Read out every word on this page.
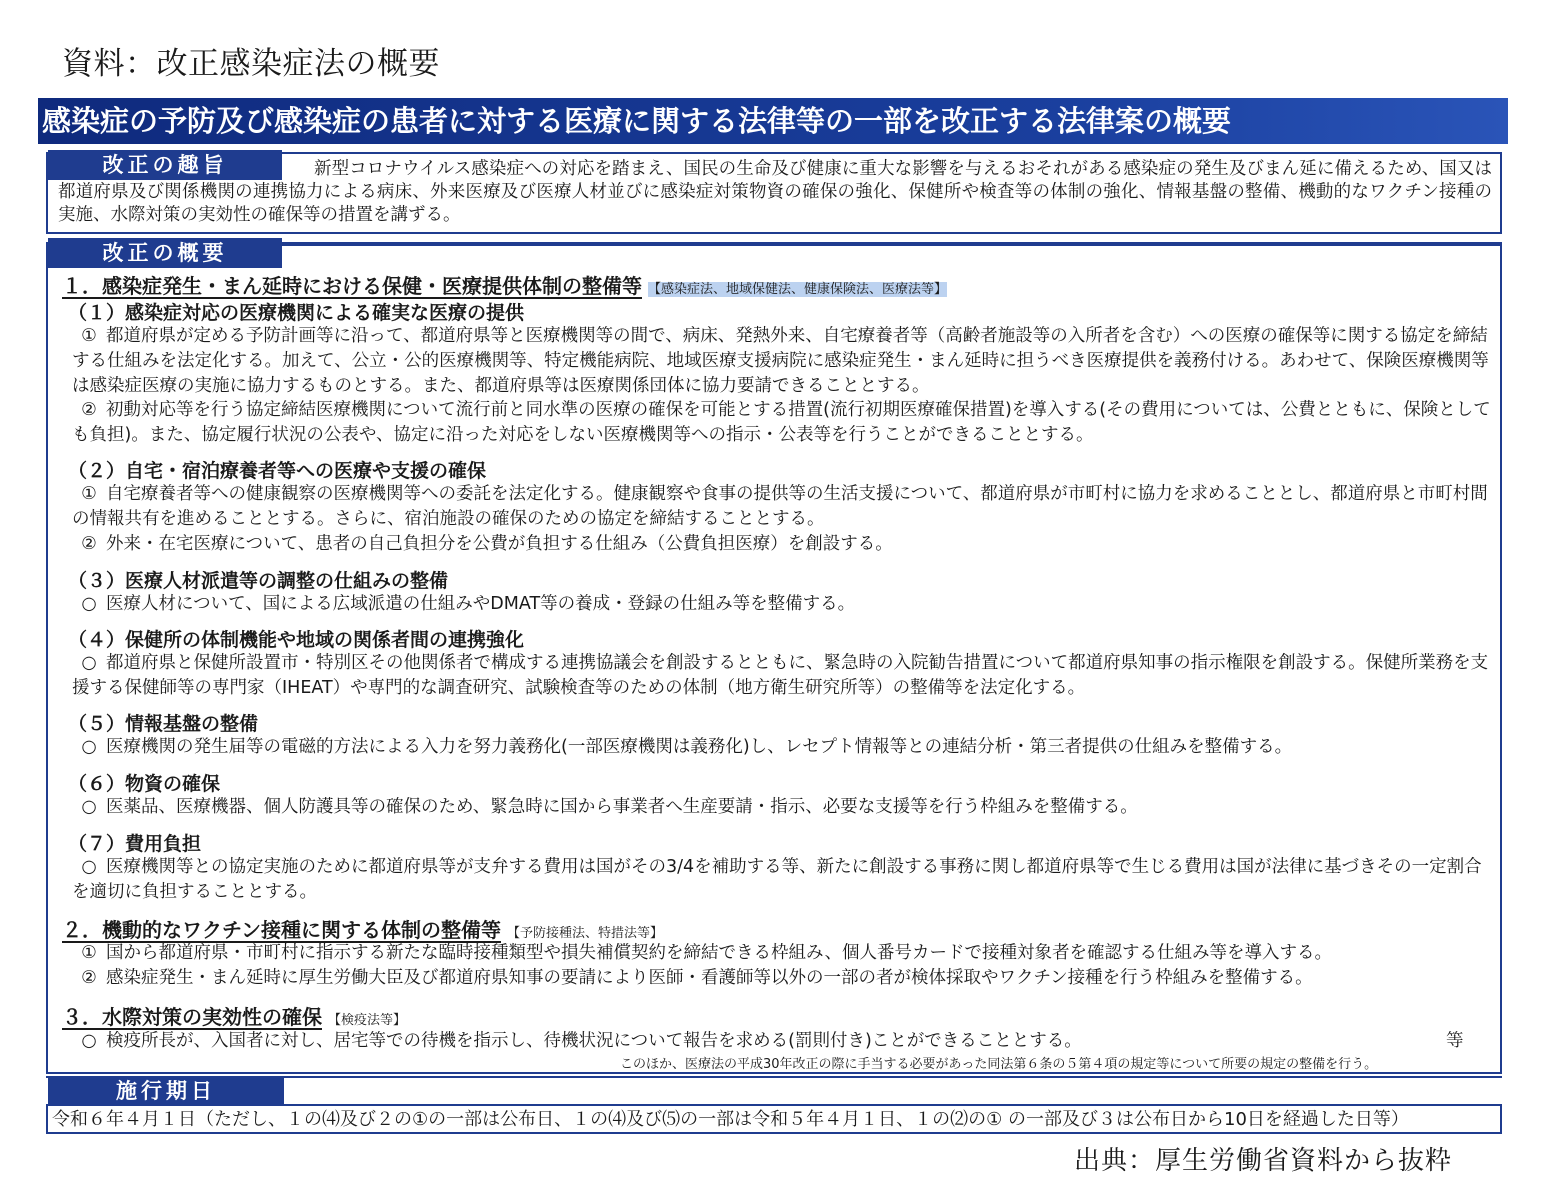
資料：改正感染症法の概要
感染症の予防及び感染症の患者に対する医療に関する法律等の一部を改正する法律案の概要
改正の趣旨	新型コロナウイルス感染症への対応を踏まえ、国民の生命及び健康に重大な影響を与えるおそれがある感染症の発生及びまん延に備えるため、国又は都道府県及び関係機関の連携協力による病床、外来医療及び医療人材並びに感染症対策物資の確保の強化、保健所や検査等の体制の強化、情報基盤の整備、機動的なワクチン接種の実施、水際対策の実効性の確保等の措置を講ずる。
改正の概要
１．感染症発生・まん延時における保健・医療提供体制の整備等 【感染症法、地域保健法、健康保険法、医療法等】
（１）感染症対応の医療機関による確実な医療の提供
① 都道府県が定める予防計画等に沿って、都道府県等と医療機関等の間で、病床、発熱外来、自宅療養者等（高齢者施設等の入所者を含む）への医療の確保等に関する協定を締結する仕組みを法定化する。加えて、公立・公的医療機関等、特定機能病院、地域医療支援病院に感染症発生・まん延時に担うべき医療提供を義務付ける。あわせて、保険医療機関等は感染症医療の実施に協力するものとする。また、都道府県等は医療関係団体に協力要請できることとする。
② 初動対応等を行う協定締結医療機関について流行前と同水準の医療の確保を可能とする措置(流行初期医療確保措置)を導入する(その費用については、公費とともに、保険としても負担)。また、協定履行状況の公表や、協定に沿った対応をしない医療機関等への指示・公表等を行うことができることとする。
（２）自宅・宿泊療養者等への医療や支援の確保
① 自宅療養者等への健康観察の医療機関等への委託を法定化する。健康観察や食事の提供等の生活支援について、都道府県が市町村に協力を求めることとし、都道府県と市町村間の情報共有を進めることとする。さらに、宿泊施設の確保のための協定を締結することとする。
② 外来・在宅医療について、患者の自己負担分を公費が負担する仕組み（公費負担医療）を創設する。
（３）医療人材派遣等の調整の仕組みの整備
○ 医療人材について、国による広域派遣の仕組みやDMAT等の養成・登録の仕組み等を整備する。
（４）保健所の体制機能や地域の関係者間の連携強化
○ 都道府県と保健所設置市・特別区その他関係者で構成する連携協議会を創設するとともに、緊急時の入院勧告措置について都道府県知事の指示権限を創設する。保健所業務を支援する保健師等の専門家（IHEAT）や専門的な調査研究、試験検査等のための体制（地方衛生研究所等）の整備等を法定化する。
（５）情報基盤の整備
○ 医療機関の発生届等の電磁的方法による入力を努力義務化(一部医療機関は義務化)し、レセプト情報等との連結分析・第三者提供の仕組みを整備する。
（６）物資の確保
○ 医薬品、医療機器、個人防護具等の確保のため、緊急時に国から事業者へ生産要請・指示、必要な支援等を行う枠組みを整備する。
（７）費用負担
○ 医療機関等との協定実施のために都道府県等が支弁する費用は国がその3/4を補助する等、新たに創設する事務に関し都道府県等で生じる費用は国が法律に基づきその一定割合を適切に負担することとする。
２．機動的なワクチン接種に関する体制の整備等 【予防接種法、特措法等】
① 国から都道府県・市町村に指示する新たな臨時接種類型や損失補償契約を締結できる枠組み、個人番号カードで接種対象者を確認する仕組み等を導入する。
② 感染症発生・まん延時に厚生労働大臣及び都道府県知事の要請により医師・看護師等以外の一部の者が検体採取やワクチン接種を行う枠組みを整備する。
３．水際対策の実効性の確保 【検疫法等】
○ 検疫所長が、入国者に対し、居宅等での待機を指示し、待機状況について報告を求める(罰則付き)ことができることとする。	等
このほか、医療法の平成30年改正の際に手当する必要があった同法第６条の５第４項の規定等について所要の規定の整備を行う。
施行期日
令和６年４月１日（ただし、１の⑷及び２の①の一部は公布日、１の⑷及び⑸の一部は令和５年４月１日、１の⑵の① の一部及び３は公布日から10日を経過した日等）
出典：厚生労働省資料から抜粋
